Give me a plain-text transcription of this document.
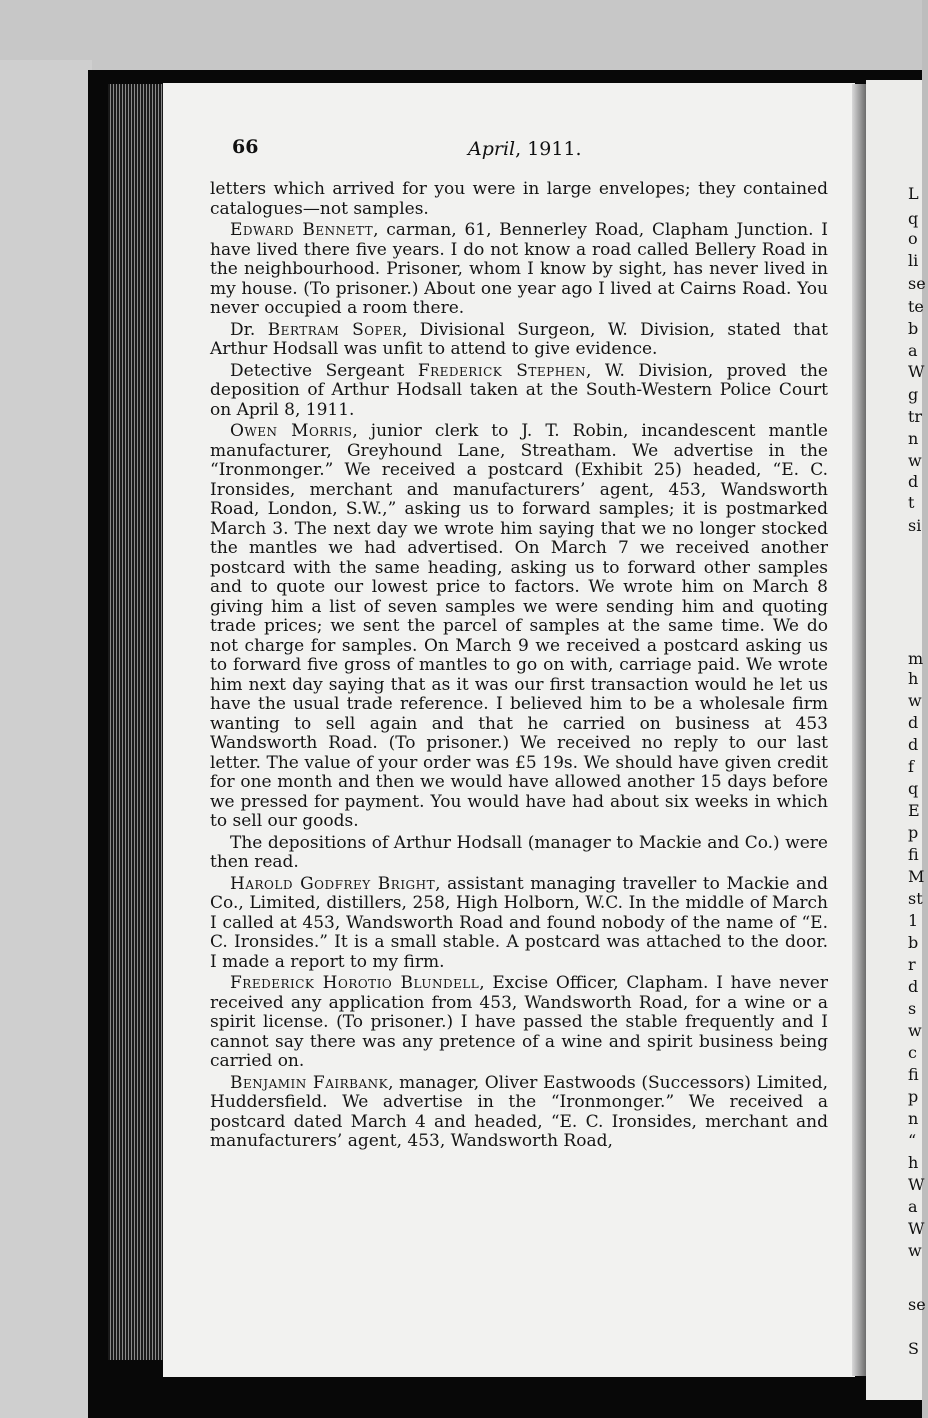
L
q
o
li
se
te
b
a
W
g
tr
n
w
d
t
si
m
h
w
d
d
f
q
E
p
fi
M
st
1
b
r
d
s
w
c
fi
p
n
“
h
W
a
W
w
se
S
66	April, 1911.

letters which arrived for you were in large envelopes; they contained catalogues—not samples.

Edward Bennett, carman, 61, Bennerley Road, Clapham Junction. I have lived there five years. I do not know a road called Bellery Road in the neighbourhood. Prisoner, whom I know by sight, has never lived in my house. (To prisoner.) About one year ago I lived at Cairns Road. You never occupied a room there.

Dr. Bertram Soper, Divisional Surgeon, W. Division, stated that Arthur Hodsall was unfit to attend to give evidence.

Detective Sergeant Frederick Stephen, W. Division, proved the deposition of Arthur Hodsall taken at the South-Western Police Court on April 8, 1911.

Owen Morris, junior clerk to J. T. Robin, incandescent mantle manufacturer, Greyhound Lane, Streatham. We advertise in the “Ironmonger.” We received a postcard (Exhibit 25) headed, “E. C. Ironsides, merchant and manufacturers’ agent, 453, Wandsworth Road, London, S.W.,” asking us to forward samples; it is postmarked March 3. The next day we wrote him saying that we no longer stocked the mantles we had advertised. On March 7 we received another postcard with the same heading, asking us to forward other samples and to quote our lowest price to factors. We wrote him on March 8 giving him a list of seven samples we were sending him and quoting trade prices; we sent the parcel of samples at the same time. We do not charge for samples. On March 9 we received a postcard asking us to forward five gross of mantles to go on with, carriage paid. We wrote him next day saying that as it was our first transaction would he let us have the usual trade reference. I believed him to be a wholesale firm wanting to sell again and that he carried on business at 453 Wandsworth Road. (To prisoner.) We received no reply to our last letter. The value of your order was £5 19s. We should have given credit for one month and then we would have allowed another 15 days before we pressed for payment. You would have had about six weeks in which to sell our goods.

The depositions of Arthur Hodsall (manager to Mackie and Co.) were then read.

Harold Godfrey Bright, assistant managing traveller to Mackie and Co., Limited, distillers, 258, High Holborn, W.C. In the middle of March I called at 453, Wandsworth Road and found nobody of the name of “E. C. Ironsides.” It is a small stable. A postcard was attached to the door. I made a report to my firm.

Frederick Horotio Blundell, Excise Officer, Clapham. I have never received any application from 453, Wandsworth Road, for a wine or a spirit license. (To prisoner.) I have passed the stable frequently and I cannot say there was any pretence of a wine and spirit business being carried on.

Benjamin Fairbank, manager, Oliver Eastwoods (Successors) Limited, Huddersfield. We advertise in the “Ironmonger.” We received a postcard dated March 4 and headed, “E. C. Ironsides, merchant and manufacturers’ agent, 453, Wandsworth Road,
